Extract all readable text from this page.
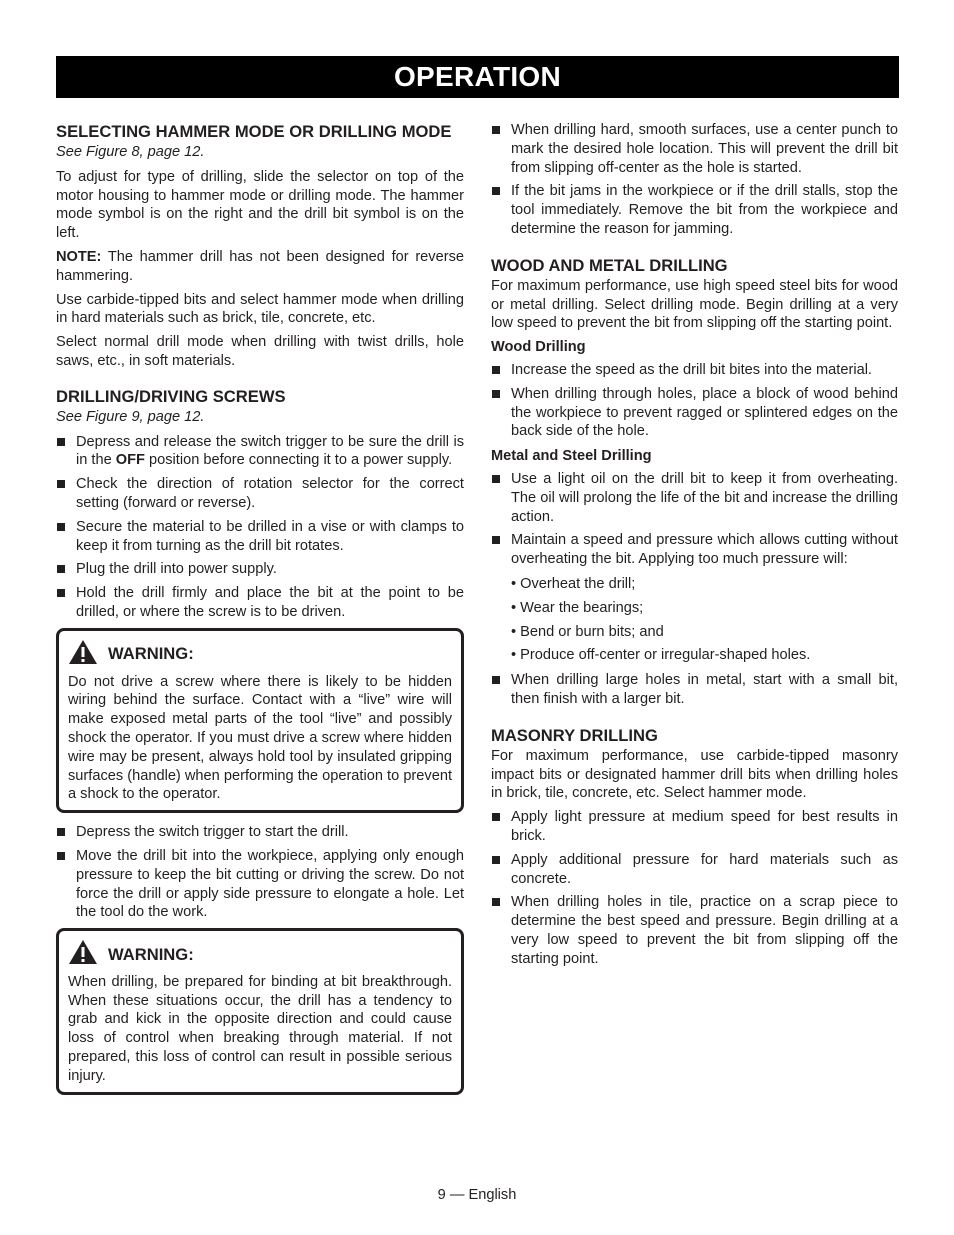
OPERATION
SELECTING HAMMER MODE OR DRILLING MODE
See Figure 8, page 12.

To adjust for type of drilling, slide the selector on top of the motor housing to hammer mode or drilling mode. The hammer mode symbol is on the right and the drill bit symbol is on the left.

NOTE: The hammer drill has not been designed for reverse hammering.

Use carbide-tipped bits and select hammer mode when drilling in hard materials such as brick, tile, concrete, etc.

Select normal drill mode when drilling with twist drills, hole saws, etc., in soft materials.

DRILLING/DRIVING SCREWS
See Figure 9, page 12.
Depress and release the switch trigger to be sure the drill is in the OFF position before connecting it to a power supply.
Check the direction of rotation selector for the correct setting (forward or reverse).
Secure the material to be drilled in a vise or with clamps to keep it from turning as the drill bit rotates.
Plug the drill into power supply.
Hold the drill firmly and place the bit at the point to be drilled, or where the screw is to be driven.
WARNING:

Do not drive a screw where there is likely to be hidden wiring behind the surface. Contact with a “live” wire will make exposed metal parts of the tool “live” and possibly shock the operator. If you must drive a screw where hidden wire may be present, always hold tool by insulated gripping surfaces (handle) when performing the operation to prevent a shock to the operator.

Depress the switch trigger to start the drill.
Move the drill bit into the workpiece, applying only enough pressure to keep the bit cutting or driving the screw. Do not force the drill or apply side pressure to elongate a hole. Let the tool do the work.
WARNING:

When drilling, be prepared for binding at bit breakthrough. When these situations occur, the drill has a tendency to grab and kick in the opposite direction and could cause loss of control when breaking through material. If not prepared, this loss of control can result in possible serious injury.

When drilling hard, smooth surfaces, use a center punch to mark the desired hole location. This will prevent the drill bit from slipping off-center as the hole is started.
If the bit jams in the workpiece or if the drill stalls, stop the tool immediately. Remove the bit from the workpiece and determine the reason for jamming.
WOOD AND METAL DRILLING

For maximum performance, use high speed steel bits for wood or metal drilling. Select drilling mode. Begin drilling at a very low speed to prevent the bit from slipping off the starting point.

Wood Drilling
Increase the speed as the drill bit bites into the material.
When drilling through holes, place a block of wood behind the workpiece to prevent ragged or splintered edges on the back side of the hole.
Metal and Steel Drilling
Use a light oil on the drill bit to keep it from overheating. The oil will prolong the life of the bit and increase the drilling action.
Maintain a speed and pressure which allows cutting without overheating the bit. Applying too much pressure will:
• Overheat the drill;
• Wear the bearings;
• Bend or burn bits; and
• Produce off-center or irregular-shaped holes.
When drilling large holes in metal, start with a small bit, then finish with a larger bit.
MASONRY DRILLING

For maximum performance, use carbide-tipped masonry impact bits or designated hammer drill bits when drilling holes in brick, tile, concrete, etc. Select hammer mode.

Apply light pressure at medium speed for best results in brick.
Apply additional pressure for hard materials such as concrete.
When drilling holes in tile, practice on a scrap piece to determine the best speed and pressure. Begin drilling at a very low speed to prevent the bit from slipping off the starting point.
9 — English
